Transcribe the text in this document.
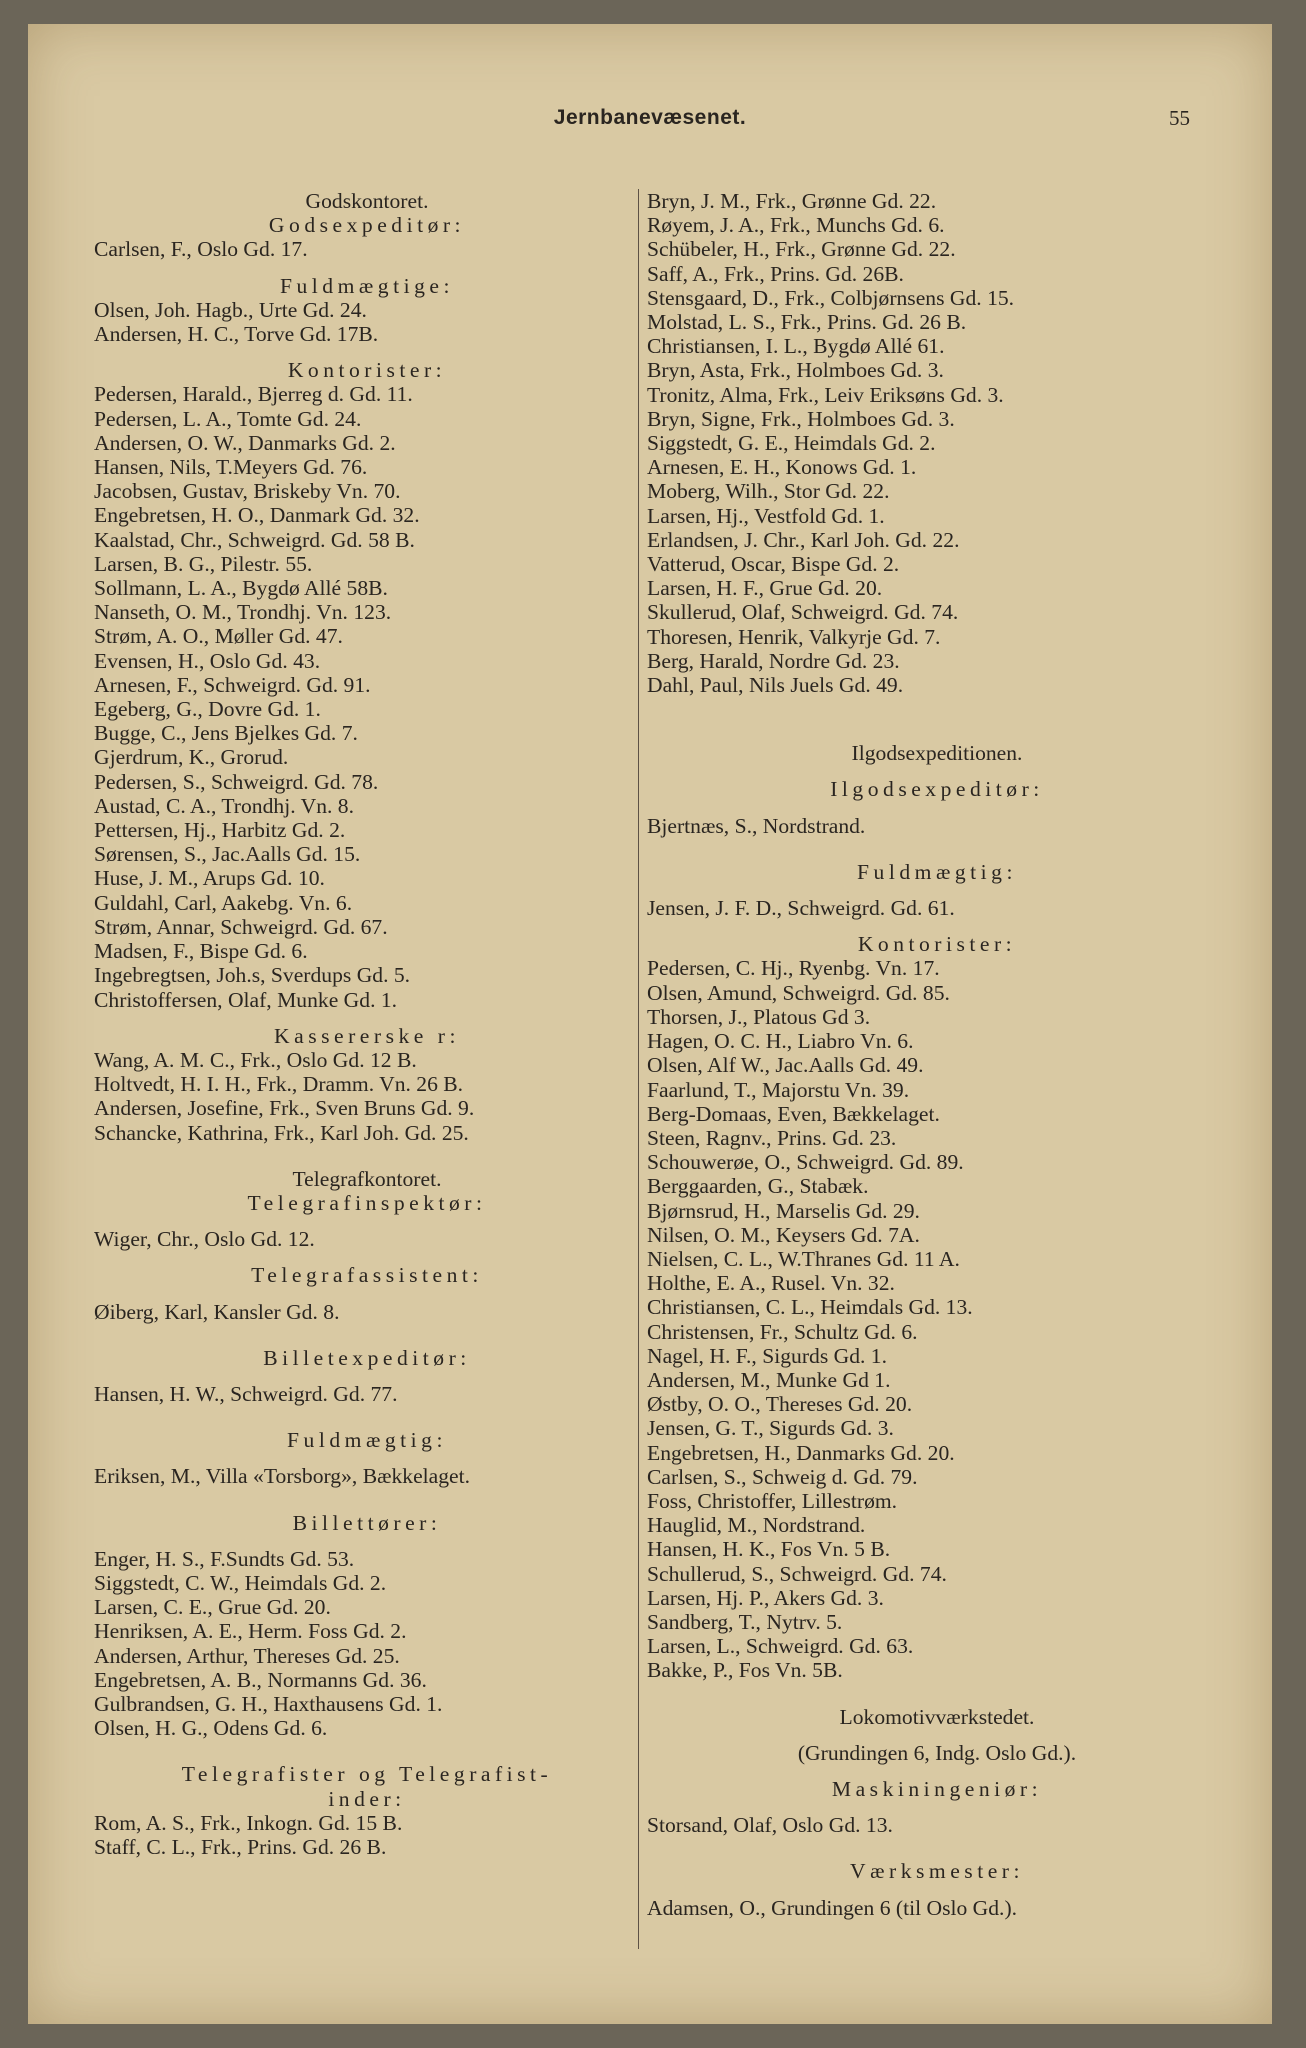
Jernbanevæsenet.	55
Godskontoret.
Godsexpeditør:
Carlsen, F., Oslo Gd. 17.
Fuldmægtige:
Olsen, Joh. Hagb., Urte Gd. 24.
Andersen, H. C., Torve Gd. 17B.
Kontorister:
Pedersen, Harald., Bjerreg d. Gd. 11.
Pedersen, L. A., Tomte Gd. 24.
Andersen, O. W., Danmarks Gd. 2.
Hansen, Nils, T.Meyers Gd. 76.
Jacobsen, Gustav, Briskeby Vn. 70.
Engebretsen, H. O., Danmark Gd. 32.
Kaalstad, Chr., Schweigrd. Gd. 58 B.
Larsen, B. G., Pilestr. 55.
Sollmann, L. A., Bygdø Allé 58B.
Nanseth, O. M., Trondhj. Vn. 123.
Strøm, A. O., Møller Gd. 47.
Evensen, H., Oslo Gd. 43.
Arnesen, F., Schweigrd. Gd. 91.
Egeberg, G., Dovre Gd. 1.
Bugge, C., Jens Bjelkes Gd. 7.
Gjerdrum, K., Grorud.
Pedersen, S., Schweigrd. Gd. 78.
Austad, C. A., Trondhj. Vn. 8.
Pettersen, Hj., Harbitz Gd. 2.
Sørensen, S., Jac.Aalls Gd. 15.
Huse, J. M., Arups Gd. 10.
Guldahl, Carl, Aakebg. Vn. 6.
Strøm, Annar, Schweigrd. Gd. 67.
Madsen, F., Bispe Gd. 6.
Ingebregtsen, Joh.s, Sverdups Gd. 5.
Christoffersen, Olaf, Munke Gd. 1.
Kassererske r:
Wang, A. M. C., Frk., Oslo Gd. 12 B.
Holtvedt, H. I. H., Frk., Dramm. Vn. 26 B.
Andersen, Josefine, Frk., Sven Bruns Gd. 9.
Schancke, Kathrina, Frk., Karl Joh. Gd. 25.
Telegrafkontoret.
Telegrafinspektør:
Wiger, Chr., Oslo Gd. 12.
Telegrafassistent:
Øiberg, Karl, Kansler Gd. 8.
Billetexpeditør:
Hansen, H. W., Schweigrd. Gd. 77.
Fuldmægtig:
Eriksen, M., Villa «Torsborg», Bækkelaget.
Billettører:
Enger, H. S., F.Sundts Gd. 53.
Siggstedt, C. W., Heimdals Gd. 2.
Larsen, C. E., Grue Gd. 20.
Henriksen, A. E., Herm. Foss Gd. 2.
Andersen, Arthur, Thereses Gd. 25.
Engebretsen, A. B., Normanns Gd. 36.
Gulbrandsen, G. H., Haxthausens Gd. 1.
Olsen, H. G., Odens Gd. 6.
Telegrafister og Telegrafist-
inder:
Rom, A. S., Frk., Inkogn. Gd. 15 B.
Staff, C. L., Frk., Prins. Gd. 26 B.
Bryn, J. M., Frk., Grønne Gd. 22.
Røyem, J. A., Frk., Munchs Gd. 6.
Schübeler, H., Frk., Grønne Gd. 22.
Saff, A., Frk., Prins. Gd. 26B.
Stensgaard, D., Frk., Colbjørnsens Gd. 15.
Molstad, L. S., Frk., Prins. Gd. 26 B.
Christiansen, I. L., Bygdø Allé 61.
Bryn, Asta, Frk., Holmboes Gd. 3.
Tronitz, Alma, Frk., Leiv Eriksøns Gd. 3.
Bryn, Signe, Frk., Holmboes Gd. 3.
Siggstedt, G. E., Heimdals Gd. 2.
Arnesen, E. H., Konows Gd. 1.
Moberg, Wilh., Stor Gd. 22.
Larsen, Hj., Vestfold Gd. 1.
Erlandsen, J. Chr., Karl Joh. Gd. 22.
Vatterud, Oscar, Bispe Gd. 2.
Larsen, H. F., Grue Gd. 20.
Skullerud, Olaf, Schweigrd. Gd. 74.
Thoresen, Henrik, Valkyrje Gd. 7.
Berg, Harald, Nordre Gd. 23.
Dahl, Paul, Nils Juels Gd. 49.
Ilgodsexpeditionen.
Ilgodsexpeditør:
Bjertnæs, S., Nordstrand.
Fuldmægtig:
Jensen, J. F. D., Schweigrd. Gd. 61.
Kontorister:
Pedersen, C. Hj., Ryenbg. Vn. 17.
Olsen, Amund, Schweigrd. Gd. 85.
Thorsen, J., Platous Gd 3.
Hagen, O. C. H., Liabro Vn. 6.
Olsen, Alf W., Jac.Aalls Gd. 49.
Faarlund, T., Majorstu Vn. 39.
Berg-Domaas, Even, Bækkelaget.
Steen, Ragnv., Prins. Gd. 23.
Schouwerøe, O., Schweigrd. Gd. 89.
Berggaarden, G., Stabæk.
Bjørnsrud, H., Marselis Gd. 29.
Nilsen, O. M., Keysers Gd. 7A.
Nielsen, C. L., W.Thranes Gd. 11 A.
Holthe, E. A., Rusel. Vn. 32.
Christiansen, C. L., Heimdals Gd. 13.
Christensen, Fr., Schultz Gd. 6.
Nagel, H. F., Sigurds Gd. 1.
Andersen, M., Munke Gd 1.
Østby, O. O., Thereses Gd. 20.
Jensen, G. T., Sigurds Gd. 3.
Engebretsen, H., Danmarks Gd. 20.
Carlsen, S., Schweig d. Gd. 79.
Foss, Christoffer, Lillestrøm.
Hauglid, M., Nordstrand.
Hansen, H. K., Fos Vn. 5 B.
Schullerud, S., Schweigrd. Gd. 74.
Larsen, Hj. P., Akers Gd. 3.
Sandberg, T., Nytrv. 5.
Larsen, L., Schweigrd. Gd. 63.
Bakke, P., Fos Vn. 5B.
Lokomotivværkstedet.
(Grundingen 6, Indg. Oslo Gd.).
Maskiningeniør:
Storsand, Olaf, Oslo Gd. 13.
Værksmester:
Adamsen, O., Grundingen 6 (til Oslo Gd.).
